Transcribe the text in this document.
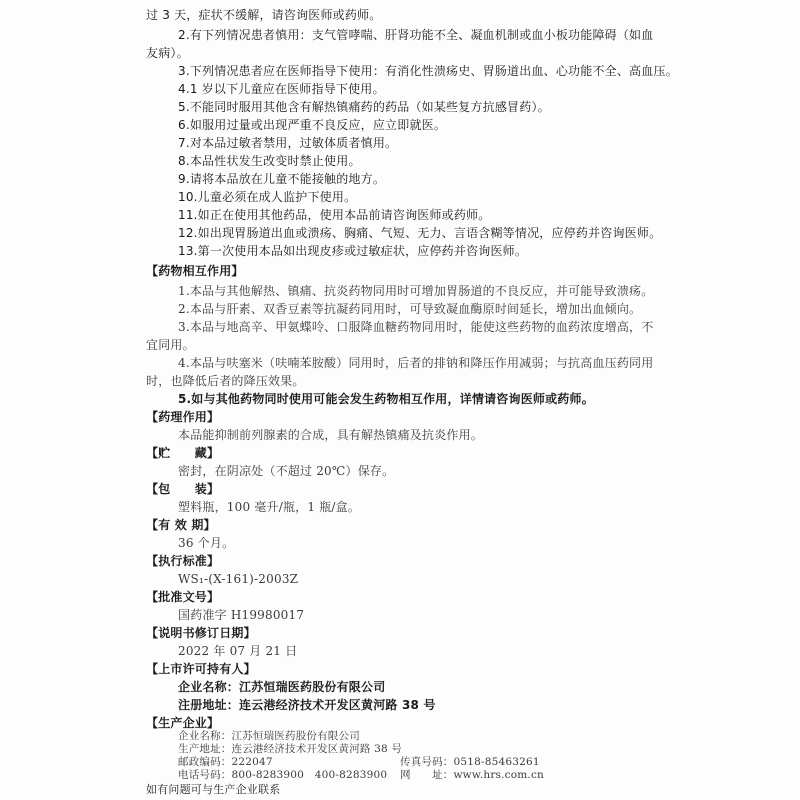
过 3 天，症状不缓解，请咨询医师或药师。
2.有下列情况患者慎用：支气管哮喘、肝肾功能不全、凝血机制或血小板功能障碍（如血
友病）。
3.下列情况患者应在医师指导下使用：有消化性溃疡史、胃肠道出血、心功能不全、高血压。
4.1 岁以下儿童应在医师指导下使用。
5.不能同时服用其他含有解热镇痛药的药品（如某些复方抗感冒药）。
6.如服用过量或出现严重不良反应，应立即就医。
7.对本品过敏者禁用，过敏体质者慎用。
8.本品性状发生改变时禁止使用。
9.请将本品放在儿童不能接触的地方。
10.儿童必须在成人监护下使用。
11.如正在使用其他药品，使用本品前请咨询医师或药师。
12.如出现胃肠道出血或溃疡、胸痛、气短、无力、言语含糊等情况，应停药并咨询医师。
13.第一次使用本品如出现皮疹或过敏症状，应停药并咨询医师。
【药物相互作用】
1.本品与其他解热、镇痛、抗炎药物同用时可增加胃肠道的不良反应，并可能导致溃疡。
2.本品与肝素、双香豆素等抗凝药同用时，可导致凝血酶原时间延长，增加出血倾向。
3.本品与地高辛、甲氨蝶呤、口服降血糖药物同用时，能使这些药物的血药浓度增高，不
宜同用。
4.本品与呋塞米（呋喃苯胺酸）同用时，后者的排钠和降压作用减弱；与抗高血压药同用
时，也降低后者的降压效果。
5.如与其他药物同时使用可能会发生药物相互作用，详情请咨询医师或药师。
【药理作用】
本品能抑制前列腺素的合成，具有解热镇痛及抗炎作用。
【贮　　藏】
密封，在阴凉处（不超过 20℃）保存。
【包　　装】
塑料瓶，100 毫升/瓶，1 瓶/盒。
【有 效 期】
36 个月。
【执行标准】
WS₁-(X-161)-2003Z
【批准文号】
国药准字 H19980017
【说明书修订日期】
2022 年 07 月 21 日
【上市许可持有人】
企业名称：江苏恒瑞医药股份有限公司
注册地址：连云港经济技术开发区黄河路 38 号
【生产企业】
企业名称：江苏恒瑞医药股份有限公司
生产地址：连云港经济技术开发区黄河路 38 号
邮政编码：222047
电话号码：800-8283900　400-8283900
传真号码：0518-85463261
网　　址：www.hrs.com.cn
如有问题可与生产企业联系
